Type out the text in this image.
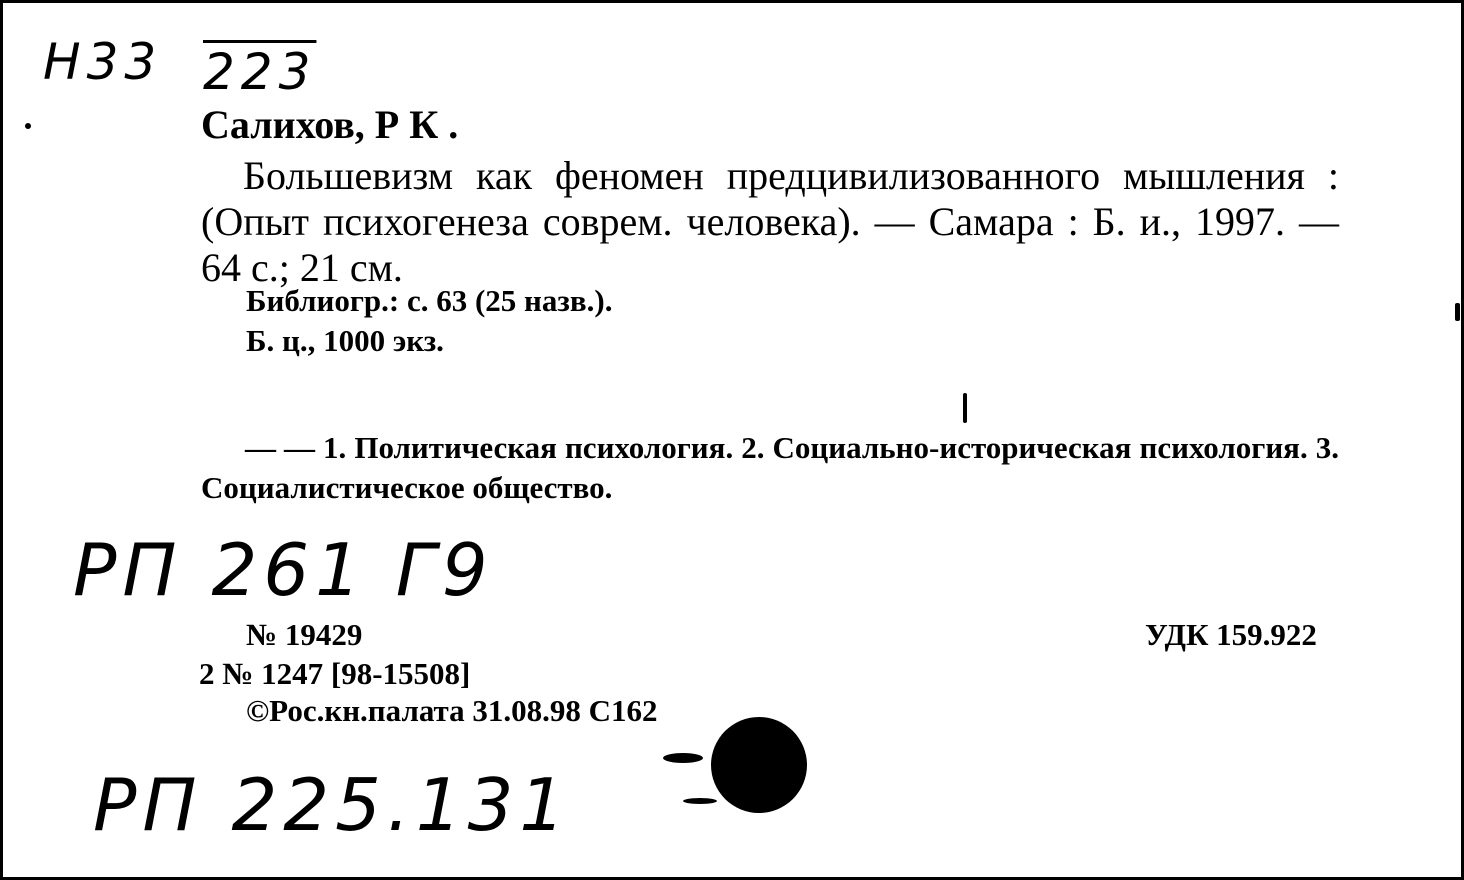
Н33 223
Салихов, Р К .
Большевизм как феномен предцивилизованного мышления : (Опыт психогенеза соврем. человека). — Самара : Б. и., 1997. — 64 с.; 21 см.
Библиогр.: с. 63 (25 назв.).
Б. ц., 1000 экз.
— — 1. Политическая психология. 2. Социально-историческая психология. 3. Социалистическое общество.
РП 261 Г9
№ 19429
2 № 1247 [98-15508]
©Рос.кн.палата 31.08.98 С162
УДК 159.922
РП 225.131
